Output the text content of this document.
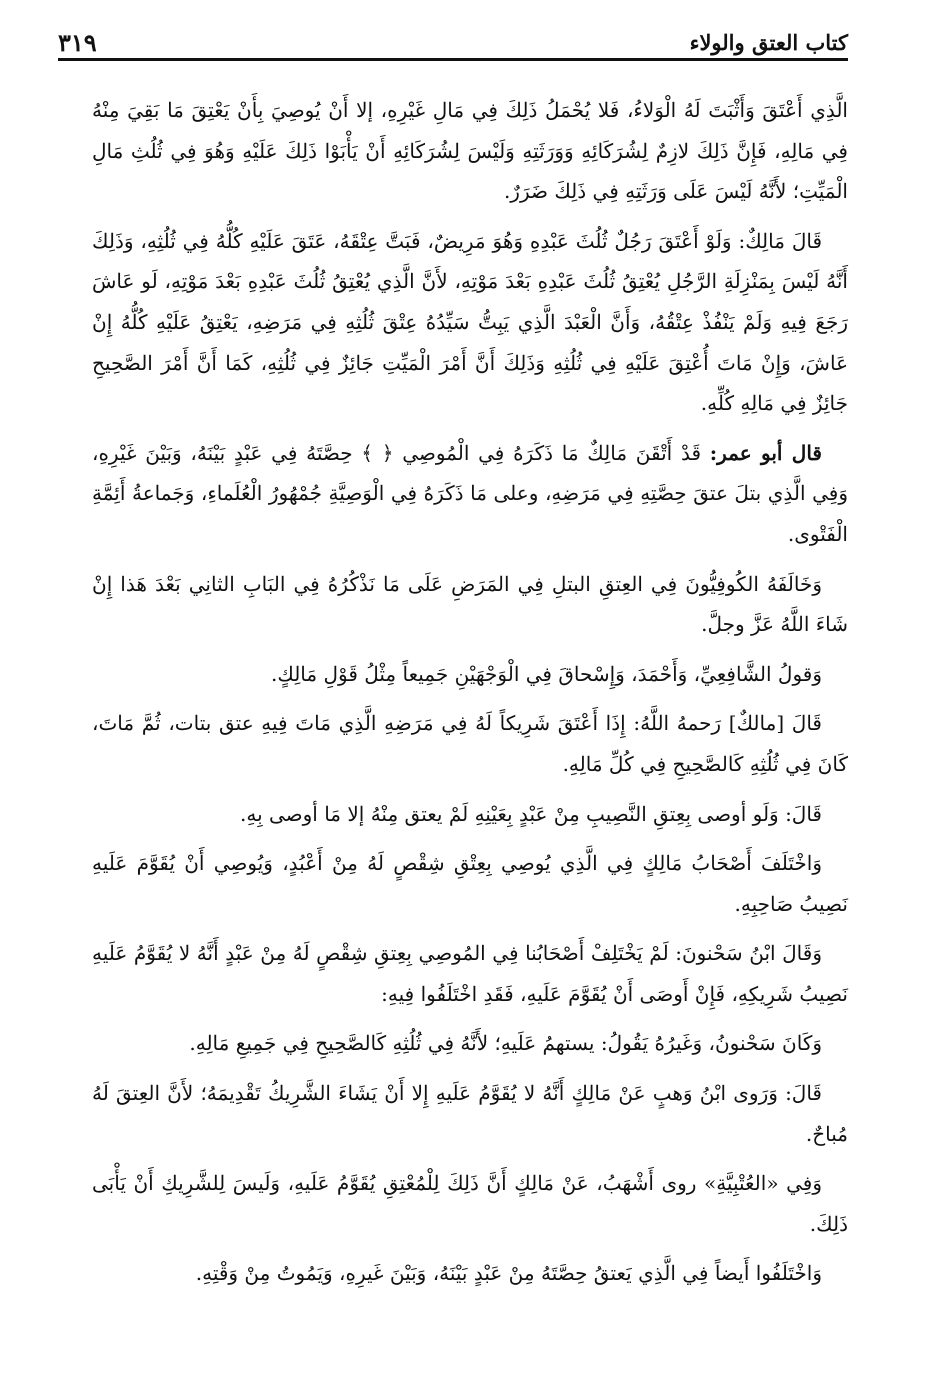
كتاب العتق والولاء
٣١٩

الَّذِي أَعْتَقَ وَأَثْبَتَ لَهُ الْوَلاءُ، فَلا يُحْمَلُ ذَلِكَ فِي مَالِ غَيْرِهِ، إلا أَنْ يُوصِيَ بِأَنْ يَعْتِقَ مَا بَقِيَ مِنْهُ فِي مَالِهِ، فَإِنَّ ذَلِكَ لازِمٌ لِشُرَكَائِهِ وَوَرَثَتِهِ وَلَيْسَ لِشُرَكَائِهِ أَنْ يَأْبَوْا ذَلِكَ عَلَيْهِ وَهُوَ فِي ثُلُثِ مَالِ الْمَيِّتِ؛ لأَنَّهُ لَيْسَ عَلَى وَرَثَتِهِ فِي ذَلِكَ ضَرَرٌ.

قَالَ مَالِكٌ: وَلَوْ أَعْتَقَ رَجُلٌ ثُلُثَ عَبْدِهِ وَهُوَ مَرِيضٌ، فَبَتَّ عِتْقَهُ، عَتَقَ عَلَيْهِ كُلُّهُ فِي ثُلُثِهِ، وَذَلِكَ أَنَّهُ لَيْسَ بِمَنْزِلَةِ الرَّجُلِ يُعْتِقُ ثُلُثَ عَبْدِهِ بَعْدَ مَوْتِهِ، لأَنَّ الَّذِي يُعْتِقُ ثُلُثَ عَبْدِهِ بَعْدَ مَوْتِهِ، لَو عَاشَ رَجَعَ فِيهِ وَلَمْ يَنْفُذْ عِتْقُهُ، وَأَنَّ الْعَبْدَ الَّذِي يَبِتُّ سَيِّدُهُ عِتْقَ ثُلُثِهِ فِي مَرَضِهِ، يَعْتِقُ عَلَيْهِ كُلُّهُ إِنْ عَاشَ، وَإِنْ مَاتَ أُعْتِقَ عَلَيْهِ فِي ثُلُثِهِ وَذَلِكَ أَنَّ أَمْرَ الْمَيِّتِ جَائِزٌ فِي ثُلُثِهِ، كَمَا أَنَّ أَمْرَ الصَّحِيحِ جَائِزٌ فِي مَالِهِ كُلِّهِ.

قال أبو عمر: قَدْ أَتْقَنَ مَالِكٌ مَا ذَكَرَهُ فِي الْمُوصِي ﴿ ﴾ حِصَّتَهُ فِي عَبْدٍ بَيْنَهُ، وَبَيْنَ غَيْرِهِ، وَفِي الَّذِي بتلَ عتقَ حِصَّتِهِ فِي مَرَضِهِ، وعلى مَا ذَكَرَهُ فِي الْوَصِيَّةِ جُمْهُورُ الْعُلَماءِ، وَجَماعةُ أَئِمَّةِ الْفَتْوى.

وَخَالَفَهُ الكُوفِيُّونَ فِي العِتقِ البتلِ فِي المَرَضِ عَلَى مَا نَذْكُرُهُ فِي البَابِ الثانِي بَعْدَ هَذا إِنْ شَاءَ اللَّهُ عَزَّ وجلَّ.

وَقولُ الشَّافِعِيِّ، وَأَحْمَدَ، وَإِسْحاقَ فِي الْوَجْهَيْنِ جَمِيعاً مِثْلُ قَوْلِ مَالِكٍ.

قَالَ [مالكٌ] رَحمهُ اللَّهُ: إِذَا أَعْتَقَ شَرِيكاً لَهُ فِي مَرَضِهِ الَّذِي مَاتَ فِيهِ عتق بتات، ثُمَّ مَاتَ، كَانَ فِي ثُلُثِهِ كَالصَّحِيحِ فِي كُلِّ مَالِهِ.

قَالَ: وَلَو أوصى بِعِتقِ النَّصِيبِ مِنْ عَبْدٍ بِعَيْنِهِ لَمْ يعتق مِنْهُ إلا مَا أوصى بِهِ.

وَاخْتَلَفَ أَصْحَابُ مَالِكٍ فِي الَّذِي يُوصِي بِعِتْقِ شِقْصٍ لَهُ مِنْ أَعْبُدٍ، وَيُوصِي أَنْ يُقَوَّمَ عَلَيهِ نَصِيبُ صَاحِبِهِ.

وَقَالَ ابْنُ سَحْنونَ: لَمْ يَخْتَلِفْ أَصْحَابُنا فِي المُوصِي بِعِتقِ شِقْصٍ لَهُ مِنْ عَبْدٍ أَنَّهُ لا يُقَوَّمُ عَلَيهِ نَصِيبُ شَرِيكِهِ، فَإِنْ أَوصَى أَنْ يُقَوَّمَ عَلَيهِ، فَقَدِ اخْتَلَفُوا فِيهِ:

وَكَانَ سَحْنونُ، وَغَيرُهُ يَقُولُ: يستهمُ عَلَيهِ؛ لأَنَّهُ فِي ثُلُثِهِ كَالصَّحِيحِ فِي جَمِيعِ مَالِهِ.

قَالَ: وَرَوى ابْنُ وَهبٍ عَنْ مَالِكٍ أَنَّهُ لا يُقَوَّمُ عَلَيهِ إِلا أَنْ يَشَاءَ الشَّرِيكُ تَقْدِيمَهُ؛ لأَنَّ العِتقَ لَهُ مُباحٌ.

وَفِي «العُتْبِيَّةِ» روى أَشْهَبُ، عَنْ مَالِكٍ أَنَّ ذَلِكَ لِلْمُعْتِقِ يُقَوَّمُ عَلَيهِ، وَلَيسَ لِلشَّرِيكِ أَنْ يَأْبَى ذَلِكَ.

وَاخْتَلَفُوا أَيضاً فِي الَّذِي يَعتقُ حِصَّتَهُ مِنْ عَبْدٍ بَيْنَهُ، وَبَيْنَ غَيرِهِ، وَيَمُوتُ مِنْ وَقْتِهِ.
